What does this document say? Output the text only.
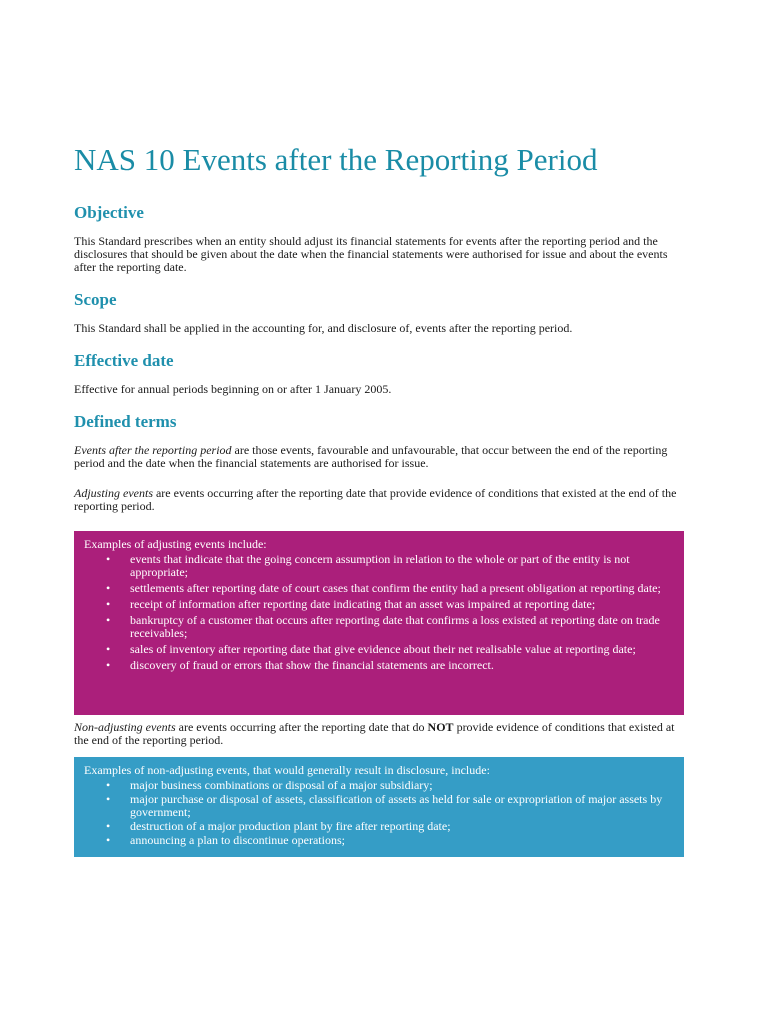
NAS 10 Events after the Reporting Period
Objective

This Standard prescribes when an entity should adjust its financial statements for events after the reporting period and the disclosures that should be given about the date when the financial statements were authorised for issue and about the events after the reporting date.

Scope

This Standard shall be applied in the accounting for, and disclosure of, events after the reporting period.

Effective date

Effective for annual periods beginning on or after 1 January 2005.

Defined terms

Events after the reporting period are those events, favourable and unfavourable, that occur between the end of the reporting period and the date when the financial statements are authorised for issue.

Adjusting events are events occurring after the reporting date that provide evidence of conditions that existed at the end of the reporting period.

Examples of adjusting events include:
• events that indicate that the going concern assumption in relation to the whole or part of the entity is not appropriate;
• settlements after reporting date of court cases that confirm the entity had a present obligation at reporting date;
• receipt of information after reporting date indicating that an asset was impaired at reporting date;
• bankruptcy of a customer that occurs after reporting date that confirms a loss existed at reporting date on trade receivables;
• sales of inventory after reporting date that give evidence about their net realisable value at reporting date;
• discovery of fraud or errors that show the financial statements are incorrect.

Non-adjusting events are events occurring after the reporting date that do NOT provide evidence of conditions that existed at the end of the reporting period.

Examples of non-adjusting events, that would generally result in disclosure, include:
• major business combinations or disposal of a major subsidiary;
• major purchase or disposal of assets, classification of assets as held for sale or expropriation of major assets by government;
• destruction of a major production plant by fire after reporting date;
• announcing a plan to discontinue operations;
